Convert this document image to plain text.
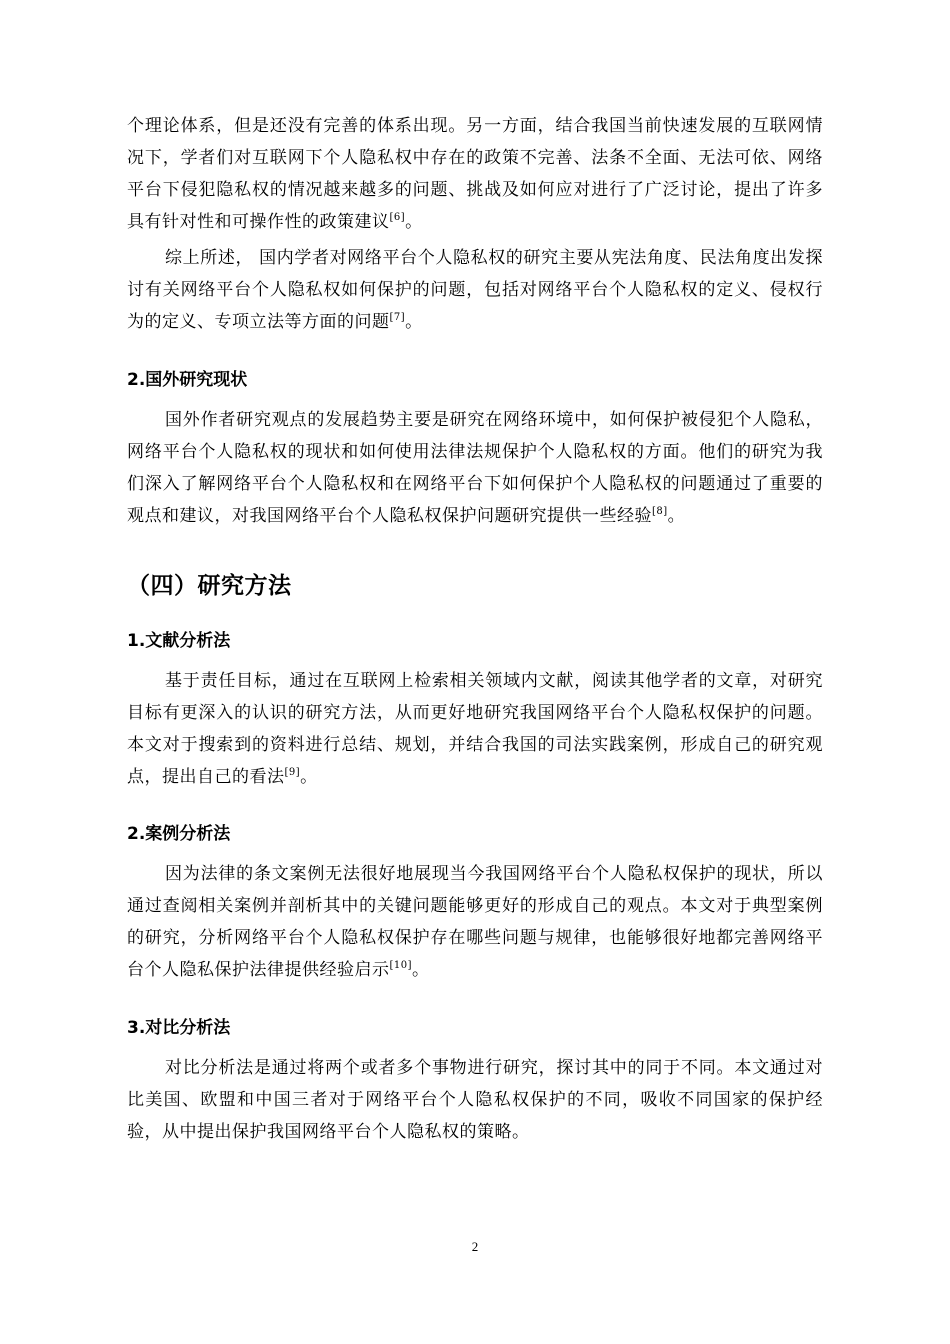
个理论体系，但是还没有完善的体系出现。另一方面，结合我国当前快速发展的互联网情况下，学者们对互联网下个人隐私权中存在的政策不完善、法条不全面、无法可依、网络平台下侵犯隐私权的情况越来越多的问题、挑战及如何应对进行了广泛讨论，提出了许多具有针对性和可操作性的政策建议[6]。

综上所述， 国内学者对网络平台个人隐私权的研究主要从宪法角度、民法角度出发探讨有关网络平台个人隐私权如何保护的问题，包括对网络平台个人隐私权的定义、侵权行为的定义、专项立法等方面的问题[7]。

2.国外研究现状

国外作者研究观点的发展趋势主要是研究在网络环境中，如何保护被侵犯个人隐私，网络平台个人隐私权的现状和如何使用法律法规保护个人隐私权的方面。他们的研究为我们深入了解网络平台个人隐私权和在网络平台下如何保护个人隐私权的问题通过了重要的观点和建议，对我国网络平台个人隐私权保护问题研究提供一些经验[8]。

（四）研究方法
1.文献分析法

基于责任目标，通过在互联网上检索相关领域内文献，阅读其他学者的文章，对研究目标有更深入的认识的研究方法，从而更好地研究我国网络平台个人隐私权保护的问题。本文对于搜索到的资料进行总结、规划，并结合我国的司法实践案例，形成自己的研究观点，提出自己的看法[9]。

2.案例分析法

因为法律的条文案例无法很好地展现当今我国网络平台个人隐私权保护的现状，所以通过查阅相关案例并剖析其中的关键问题能够更好的形成自己的观点。本文对于典型案例的研究，分析网络平台个人隐私权保护存在哪些问题与规律，也能够很好地都完善网络平台个人隐私保护法律提供经验启示[10]。

3.对比分析法

对比分析法是通过将两个或者多个事物进行研究，探讨其中的同于不同。本文通过对比美国、欧盟和中国三者对于网络平台个人隐私权保护的不同，吸收不同国家的保护经验，从中提出保护我国网络平台个人隐私权的策略。

2
